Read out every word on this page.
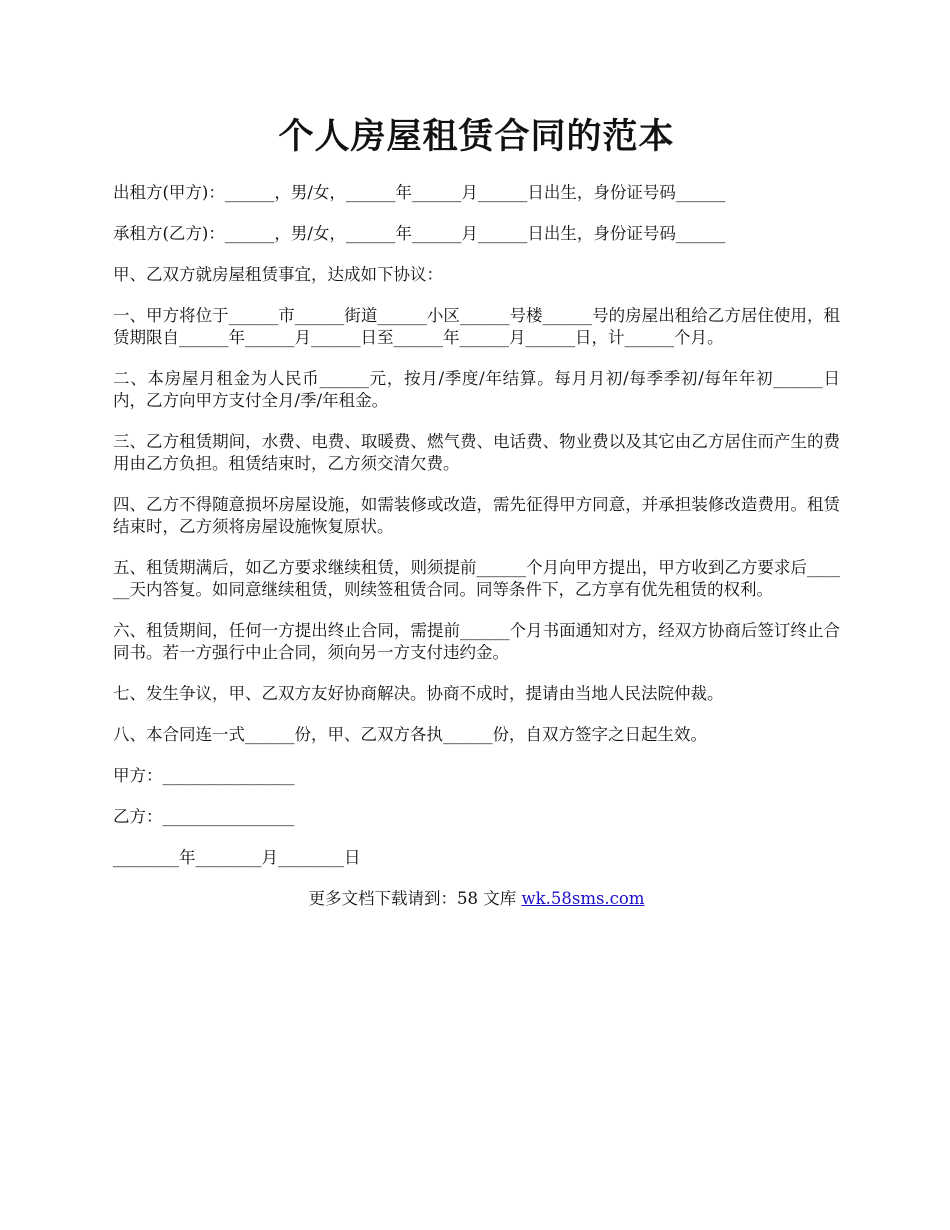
个人房屋租赁合同的范本

出租方(甲方)：______，男/女，______年______月______日出生，身份证号码______

承租方(乙方)：______，男/女，______年______月______日出生，身份证号码______

甲、乙双方就房屋租赁事宜，达成如下协议：

一、甲方将位于______市______街道______小区______号楼______号的房屋出租给乙方居住使用，租赁期限自______年______月______日至______年______月______日，计______个月。

二、本房屋月租金为人民币______元，按月/季度/年结算。每月月初/每季季初/每年年初______日内，乙方向甲方支付全月/季/年租金。

三、乙方租赁期间，水费、电费、取暖费、燃气费、电话费、物业费以及其它由乙方居住而产生的费用由乙方负担。租赁结束时，乙方须交清欠费。

四、乙方不得随意损坏房屋设施，如需装修或改造，需先征得甲方同意，并承担装修改造费用。租赁结束时，乙方须将房屋设施恢复原状。

五、租赁期满后，如乙方要求继续租赁，则须提前______个月向甲方提出，甲方收到乙方要求后______天内答复。如同意继续租赁，则续签租赁合同。同等条件下，乙方享有优先租赁的权利。

六、租赁期间，任何一方提出终止合同，需提前______个月书面通知对方，经双方协商后签订终止合同书。若一方强行中止合同，须向另一方支付违约金。

七、发生争议，甲、乙双方友好协商解决。协商不成时，提请由当地人民法院仲裁。

八、本合同连一式______份，甲、乙双方各执______份，自双方签字之日起生效。

甲方：________________

乙方：________________

________年________月________日

更多文档下载请到：58 文库 wk.58sms.com
